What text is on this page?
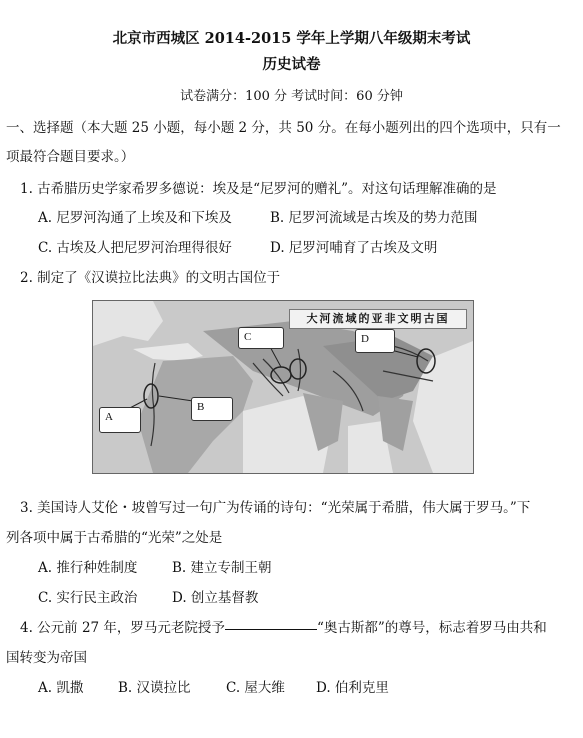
北京市西城区 2014-2015 学年上学期八年级期末考试
历史试卷
试卷满分：100 分 考试时间：60 分钟
一、选择题（本大题 25 小题，每小题 2 分，共 50 分。在每小题列出的四个选项中，只有一
项最符合题目要求。）
1. 古希腊历史学家希罗多德说：埃及是“尼罗河的赠礼”。对这句话理解准确的是
A. 尼罗河沟通了上埃及和下埃及	B. 尼罗河流域是古埃及的势力范围
C. 古埃及人把尼罗河治理得很好	D. 尼罗河哺育了古埃及文明
2. 制定了《汉谟拉比法典》的文明古国位于
大河流域的亚非文明古国
A
B
C	D
3. 美国诗人艾伦・坡曾写过一句广为传诵的诗句：“光荣属于希腊，伟大属于罗马。”下
列各项中属于古希腊的“光荣”之处是
A. 推行种姓制度	B. 建立专制王朝
C. 实行民主政治	D. 创立基督教
4. 公元前 27 年，罗马元老院授予	“奥古斯都”的尊号，标志着罗马由共和
国转变为帝国
A. 凯撒	B. 汉谟拉比	C. 屋大维 D. 伯利克里
